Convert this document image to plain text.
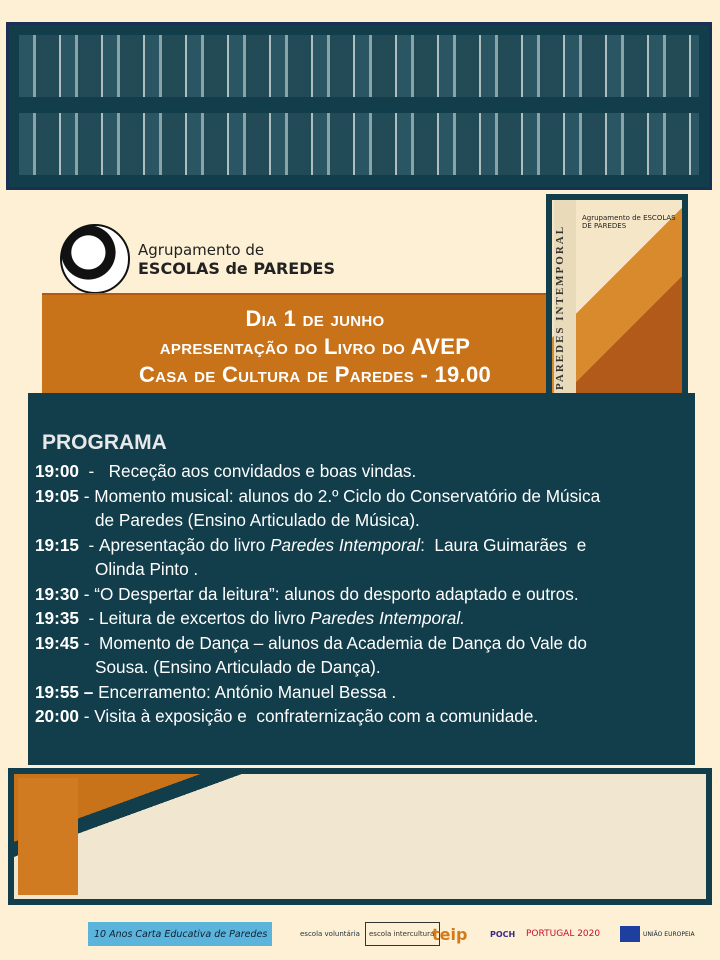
Agrupamento de
ESCOLAS de PAREDES
Dia 1 de junho
apresentação do Livro do AVEP
Casa de Cultura de Paredes - 19.00	PAREDES INTEMPORAL
Agrupamento de ESCOLAS DE PAREDES
PROGRAMA
19:00 - Receção aos convidados e boas vindas.
19:05 - Momento musical: alunos do 2.º Ciclo do Conservatório de Música
de Paredes (Ensino Articulado de Música).
19:15 - Apresentação do livro Paredes Intemporal:  Laura Guimarães  e
Olinda Pinto .
19:30 - “O Despertar da leitura”: alunos do desporto adaptado e outros.
19:35 - Leitura de excertos do livro Paredes Intemporal.
19:45 - Momento de Dança – alunos da Academia de Dança do Vale do
Sousa. (Ensino Articulado de Dança).
19:55 –
Encerramento: António Manuel Bessa .
20:00 - Visita à exposição e  confraternização com a comunidade.
10 Anos Carta Educativa de Paredes	escola voluntária	escola intercultural
teip	POCH PORTUGAL 2020	UNIÃO EUROPEIA
